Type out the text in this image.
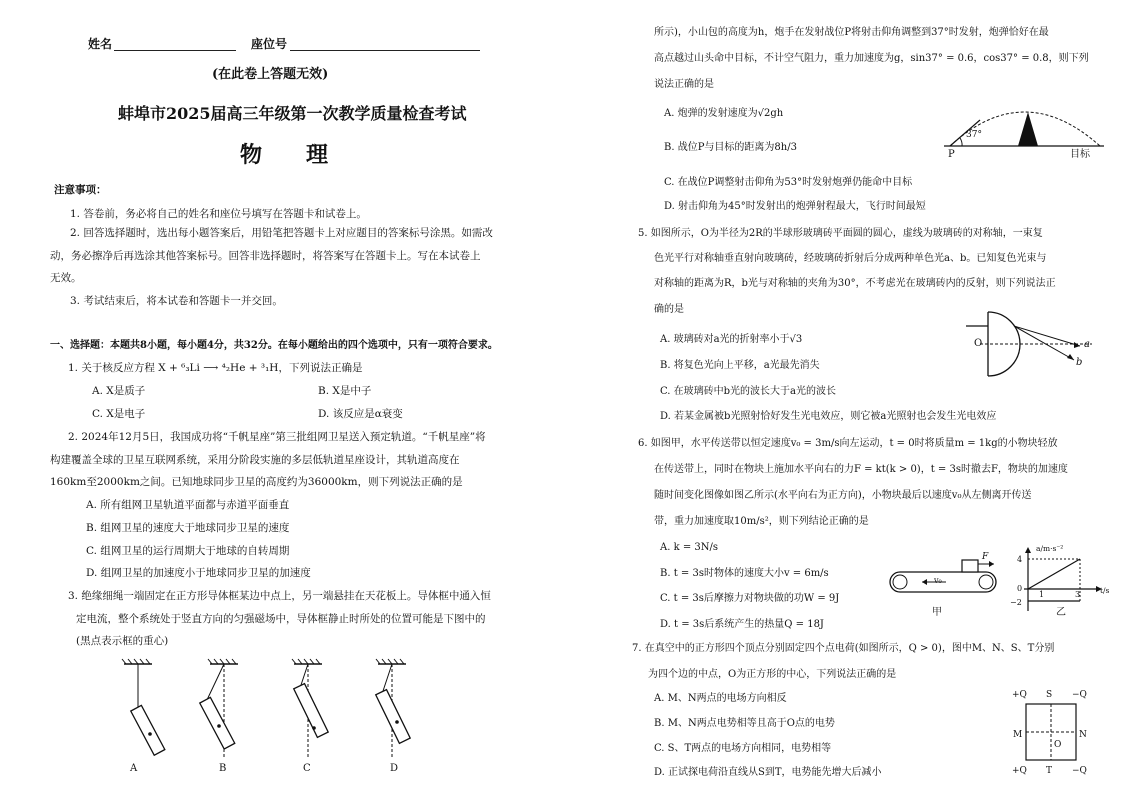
姓名	座位号
(在此卷上答题无效)
蚌埠市2025届高三年级第一次教学质量检查考试
物　　理
注意事项：
1. 答卷前，务必将自己的姓名和座位号填写在答题卡和试卷上。
2. 回答选择题时，选出每小题答案后，用铅笔把答题卡上对应题目的答案标号涂黑。如需改
动，务必擦净后再选涂其他答案标号。回答非选择题时，将答案写在答题卡上。写在本试卷上
无效。
3. 考试结束后，将本试卷和答题卡一并交回。
一、选择题：本题共8小题，每小题4分，共32分。在每小题给出的四个选项中，只有一项符合要求。
1. 关于核反应方程 X + ⁶₃Li ⟶ ⁴₂He + ³₁H，下列说法正确是
A. X是质子	B. X是中子
C. X是电子	D. 该反应是α衰变
2. 2024年12月5日，我国成功将“千帆星座”第三批组网卫星送入预定轨道。“千帆星座”将
构建覆盖全球的卫星互联网系统，采用分阶段实施的多层低轨道星座设计，其轨道高度在
160km至2000km之间。已知地球同步卫星的高度约为36000km，则下列说法正确的是
A. 所有组网卫星轨道平面都与赤道平面垂直
B. 组网卫星的速度大于地球同步卫星的速度
C. 组网卫星的运行周期大于地球的自转周期
D. 组网卫星的加速度小于地球同步卫星的加速度
3. 绝缘细绳一端固定在正方形导体框某边中点上，另一端悬挂在天花板上。导体框中通入恒
定电流，整个系统处于竖直方向的匀强磁场中，导体框静止时所处的位置可能是下图中的
(黑点表示框的重心)
A	B	C	D
所示)，小山包的高度为h，炮手在发射战位P将射击仰角调整到37°时发射，炮弹恰好在最
高点越过山头命中目标，不计空气阻力，重力加速度为g，sin37° = 0.6，cos37° = 0.8，则下列
说法正确的是
A. 炮弹的发射速度为√2gh
B. 战位P与目标的距离为8h/3
C. 在战位P调整射击仰角为53°时发射炮弹仍能命中目标
D. 射击仰角为45°时发射出的炮弹射程最大，飞行时间最短
37°
P	目标
5. 如图所示，O为半径为2R的半球形玻璃砖平面圆的圆心，虚线为玻璃砖的对称轴，一束复
色光平行对称轴垂直射向玻璃砖，经玻璃砖折射后分成两种单色光a、b。已知复色光束与
对称轴的距离为R，b光与对称轴的夹角为30°，不考虑光在玻璃砖内的反射，则下列说法正
确的是
A. 玻璃砖对a光的折射率小于√3
B. 将复色光向上平移，a光最先消失
C. 在玻璃砖中b光的波长大于a光的波长
D. 若某金属被b光照射恰好发生光电效应，则它被a光照射也会发生光电效应
O	a
b
6. 如图甲，水平传送带以恒定速度v₀ = 3m/s向左运动，t = 0时将质量m = 1kg的小物块轻放
在传送带上，同时在物块上施加水平向右的力F = kt(k > 0)，t = 3s时撤去F，物块的加速度
随时间变化图像如图乙所示(水平向右为正方向)，小物块最后以速度v₀从左侧离开传送
带，重力加速度取10m/s²，则下列结论正确的是
A. k = 3N/s
B. t = 3s时物体的速度大小v = 6m/s
C. t = 3s后摩擦力对物块做的功W = 9J
D. t = 3s后系统产生的热量Q = 18J
F
v₀
甲
a/m·s⁻²
t/s
4
0
−2
1	3
乙
7. 在真空中的正方形四个顶点分别固定四个点电荷(如图所示，Q > 0)，图中M、N、S、T分别
为四个边的中点，O为正方形的中心，下列说法正确的是
A. M、N两点的电场方向相反
B. M、N两点电势相等且高于O点的电势
C. S、T两点的电场方向相同，电势相等
D. 正试探电荷沿直线从S到T，电势能先增大后减小
+Q S −Q
M	N
O
+Q T −Q
